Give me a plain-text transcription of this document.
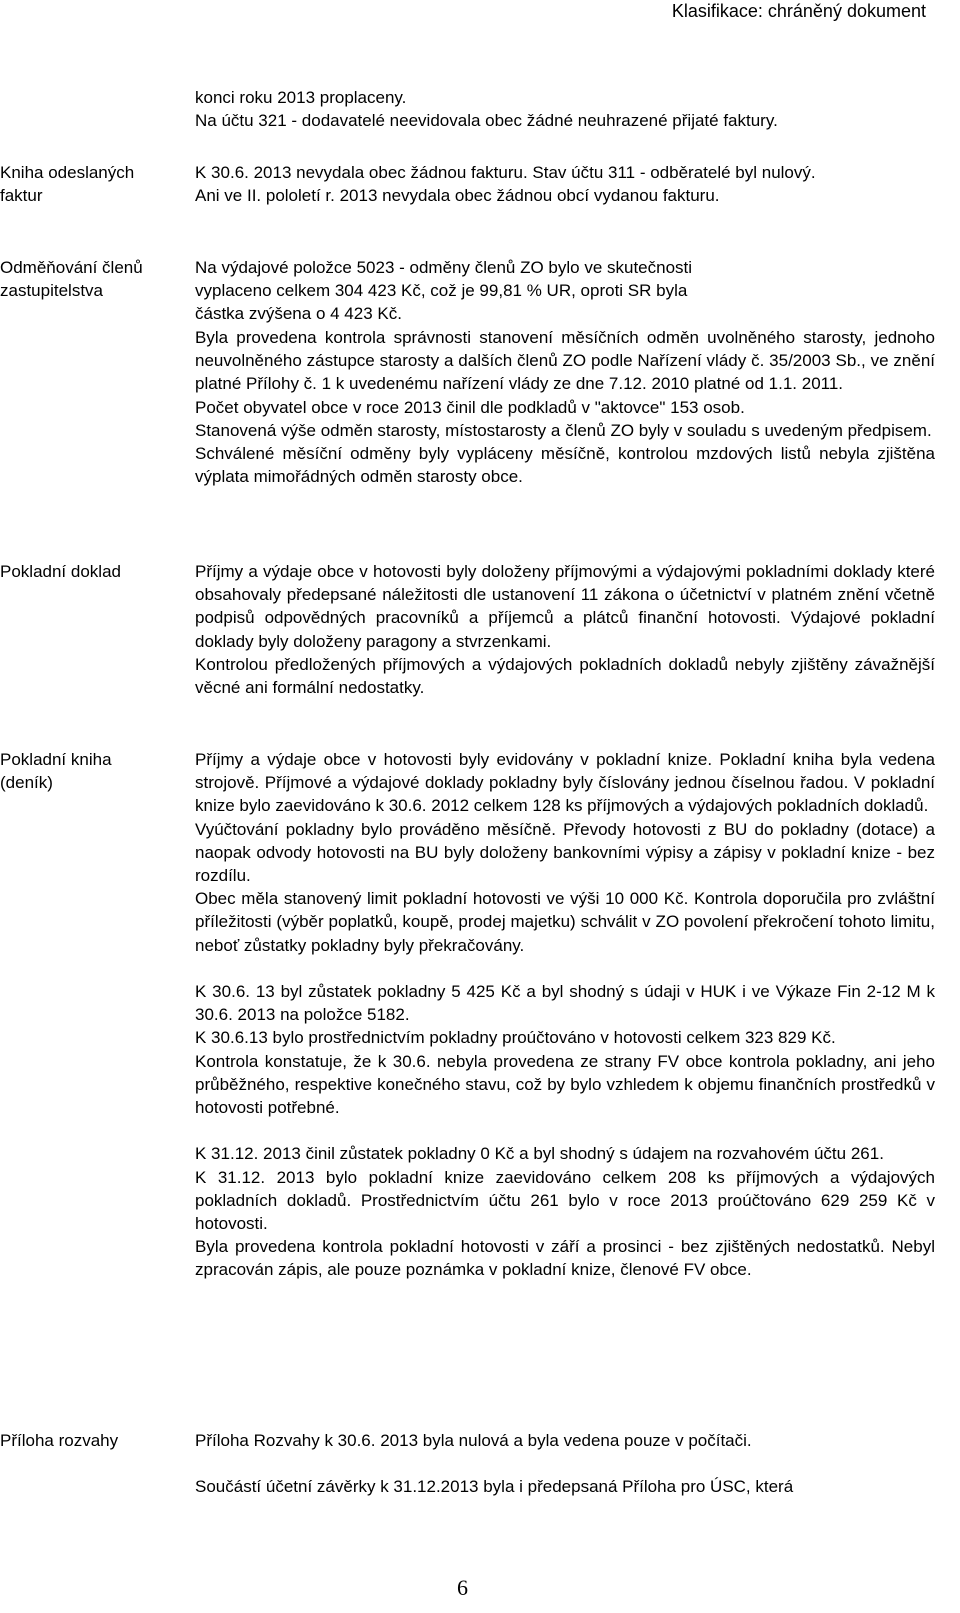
Klasifikace: chráněný dokument

konci roku 2013 proplaceny.

Na účtu 321 - dodavatelé neevidovala obec žádné neuhrazené přijaté faktury.

Kniha odeslaných faktur

K 30.6. 2013 nevydala obec žádnou fakturu. Stav účtu 311 - odběratelé byl nulový.

Ani ve II. pololetí r. 2013 nevydala obec žádnou obcí vydanou fakturu.

Odměňování členů zastupitelstva

Na výdajové položce 5023 - odměny členů ZO bylo ve skutečnosti vyplaceno celkem 304 423 Kč, což je 99,81 % UR, oproti SR byla částka zvýšena o 4 423 Kč.

Byla provedena kontrola správnosti stanovení měsíčních odměn uvolněného starosty, jednoho neuvolněného zástupce starosty a dalších členů ZO podle Nařízení vlády č. 35/2003 Sb., ve znění platné Přílohy č. 1 k uvedenému nařízení vlády ze dne 7.12. 2010 platné od 1.1. 2011.

Počet obyvatel obce v roce 2013 činil dle podkladů v "aktovce" 153 osob.

Stanovená výše odměn starosty, místostarosty a členů ZO byly v souladu s uvedeným předpisem.

Schválené měsíční odměny byly vypláceny měsíčně, kontrolou mzdových listů nebyla zjištěna výplata mimořádných odměn starosty obce.

Pokladní doklad	Příjmy a výdaje obce v hotovosti byly doloženy příjmovými a výdajovými pokladními doklady které obsahovaly předepsané náležitosti dle ustanovení 11 zákona o účetnictví v platném znění včetně podpisů odpovědných pracovníků a příjemců a plátců finanční hotovosti. Výdajové pokladní doklady byly doloženy paragony a stvrzenkami.

Kontrolou předložených příjmových a výdajových pokladních dokladů nebyly zjištěny závažnější věcné ani formální nedostatky.

Pokladní kniha (deník)

Příjmy a výdaje obce v hotovosti byly evidovány v pokladní knize. Pokladní kniha byla vedena strojově. Příjmové a výdajové doklady pokladny byly číslovány jednou číselnou řadou. V pokladní knize bylo zaevidováno k 30.6. 2012 celkem 128 ks příjmových a výdajových pokladních dokladů.

Vyúčtování pokladny bylo prováděno měsíčně. Převody hotovosti z BU do pokladny (dotace) a naopak odvody hotovosti na BU byly doloženy bankovními výpisy a zápisy v pokladní knize - bez rozdílu.

Obec měla stanovený limit pokladní hotovosti ve výši 10 000 Kč. Kontrola doporučila pro zvláštní příležitosti (výběr poplatků, koupě, prodej majetku) schválit v ZO povolení překročení tohoto limitu, neboť zůstatky pokladny byly překračovány.

K 30.6. 13 byl zůstatek pokladny 5 425 Kč a byl shodný s údaji v HUK i ve Výkaze Fin 2-12 M k 30.6. 2013 na položce 5182.

K 30.6.13 bylo prostřednictvím pokladny proúčtováno v hotovosti celkem 323 829 Kč.

Kontrola konstatuje, že k 30.6. nebyla provedena ze strany FV obce kontrola pokladny, ani jeho průběžného, respektive konečného stavu, což by bylo vzhledem k objemu finančních prostředků v hotovosti potřebné.

K 31.12. 2013 činil zůstatek pokladny 0 Kč a byl shodný s údajem na rozvahovém účtu 261.

K 31.12. 2013 bylo pokladní knize zaevidováno celkem 208 ks příjmových a výdajových pokladních dokladů. Prostřednictvím účtu 261 bylo v roce 2013 proúčtováno 629 259 Kč v hotovosti.

Byla provedena kontrola pokladní hotovosti v září a prosinci - bez zjištěných nedostatků. Nebyl zpracován zápis, ale pouze poznámka v pokladní knize, členové FV obce.

Příloha rozvahy	Příloha Rozvahy k 30.6. 2013 byla nulová a byla vedena pouze v počítači.

Součástí účetní závěrky k 31.12.2013 byla i předepsaná Příloha pro ÚSC, která

6
